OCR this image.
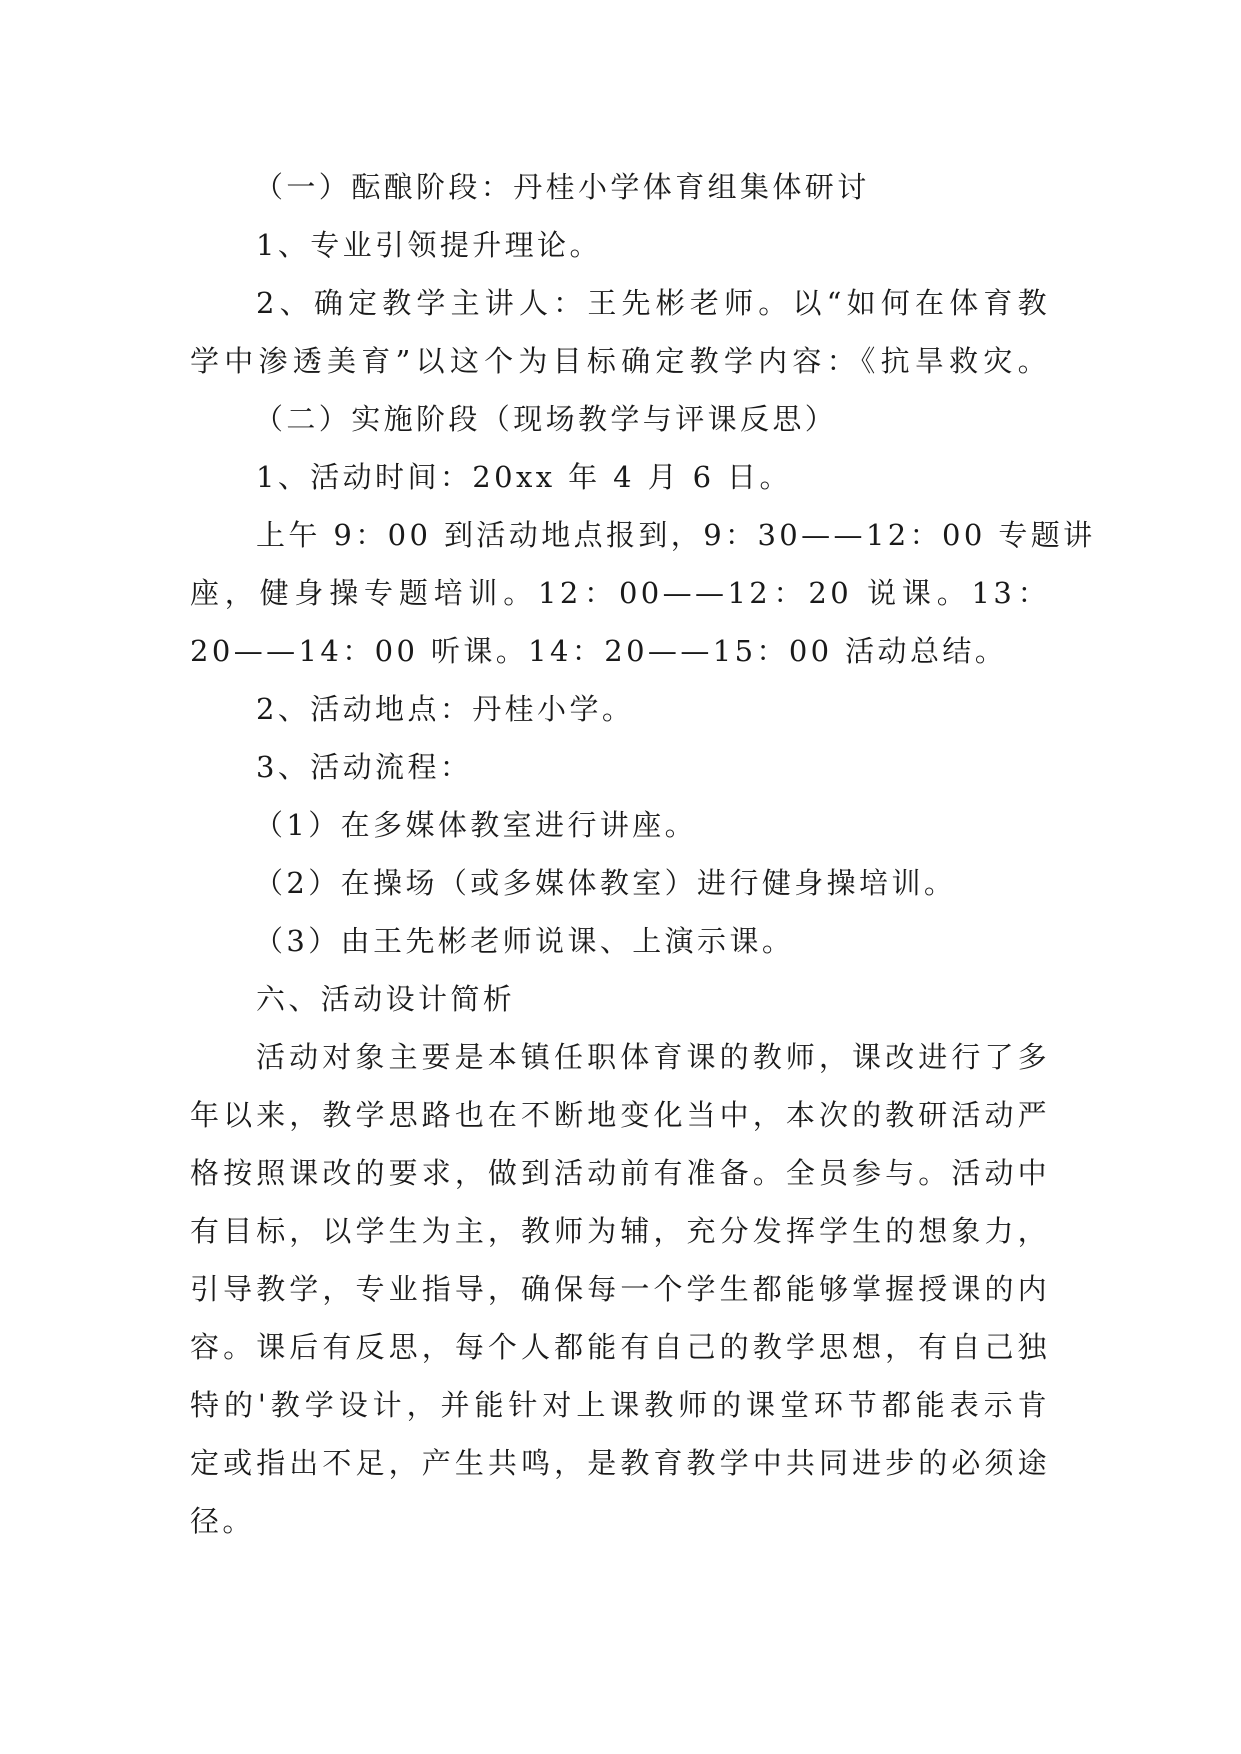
（一）酝酿阶段：丹桂小学体育组集体研讨
1、专业引领提升理论。
2、确定教学主讲人：王先彬老师。以“如何在体育教
学中渗透美育”以这个为目标确定教学内容：《抗旱救灾。
（二）实施阶段（现场教学与评课反思）
1、活动时间：20xx 年 4 月 6 日。
上午 9：00 到活动地点报到，9：30——12：00 专题讲
座，健身操专题培训。12：00——12：20 说课。13：
20——14：00 听课。14：20——15：00 活动总结。
2、活动地点：丹桂小学。
3、活动流程：
（1）在多媒体教室进行讲座。
（2）在操场（或多媒体教室）进行健身操培训。
（3）由王先彬老师说课、上演示课。
六、活动设计简析
活动对象主要是本镇任职体育课的教师，课改进行了多
年以来，教学思路也在不断地变化当中，本次的教研活动严
格按照课改的要求，做到活动前有准备。全员参与。活动中
有目标，以学生为主，教师为辅，充分发挥学生的想象力，
引导教学，专业指导，确保每一个学生都能够掌握授课的内
容。课后有反思，每个人都能有自己的教学思想，有自己独
特的'教学设计，并能针对上课教师的课堂环节都能表示肯
定或指出不足，产生共鸣，是教育教学中共同进步的必须途
径。
